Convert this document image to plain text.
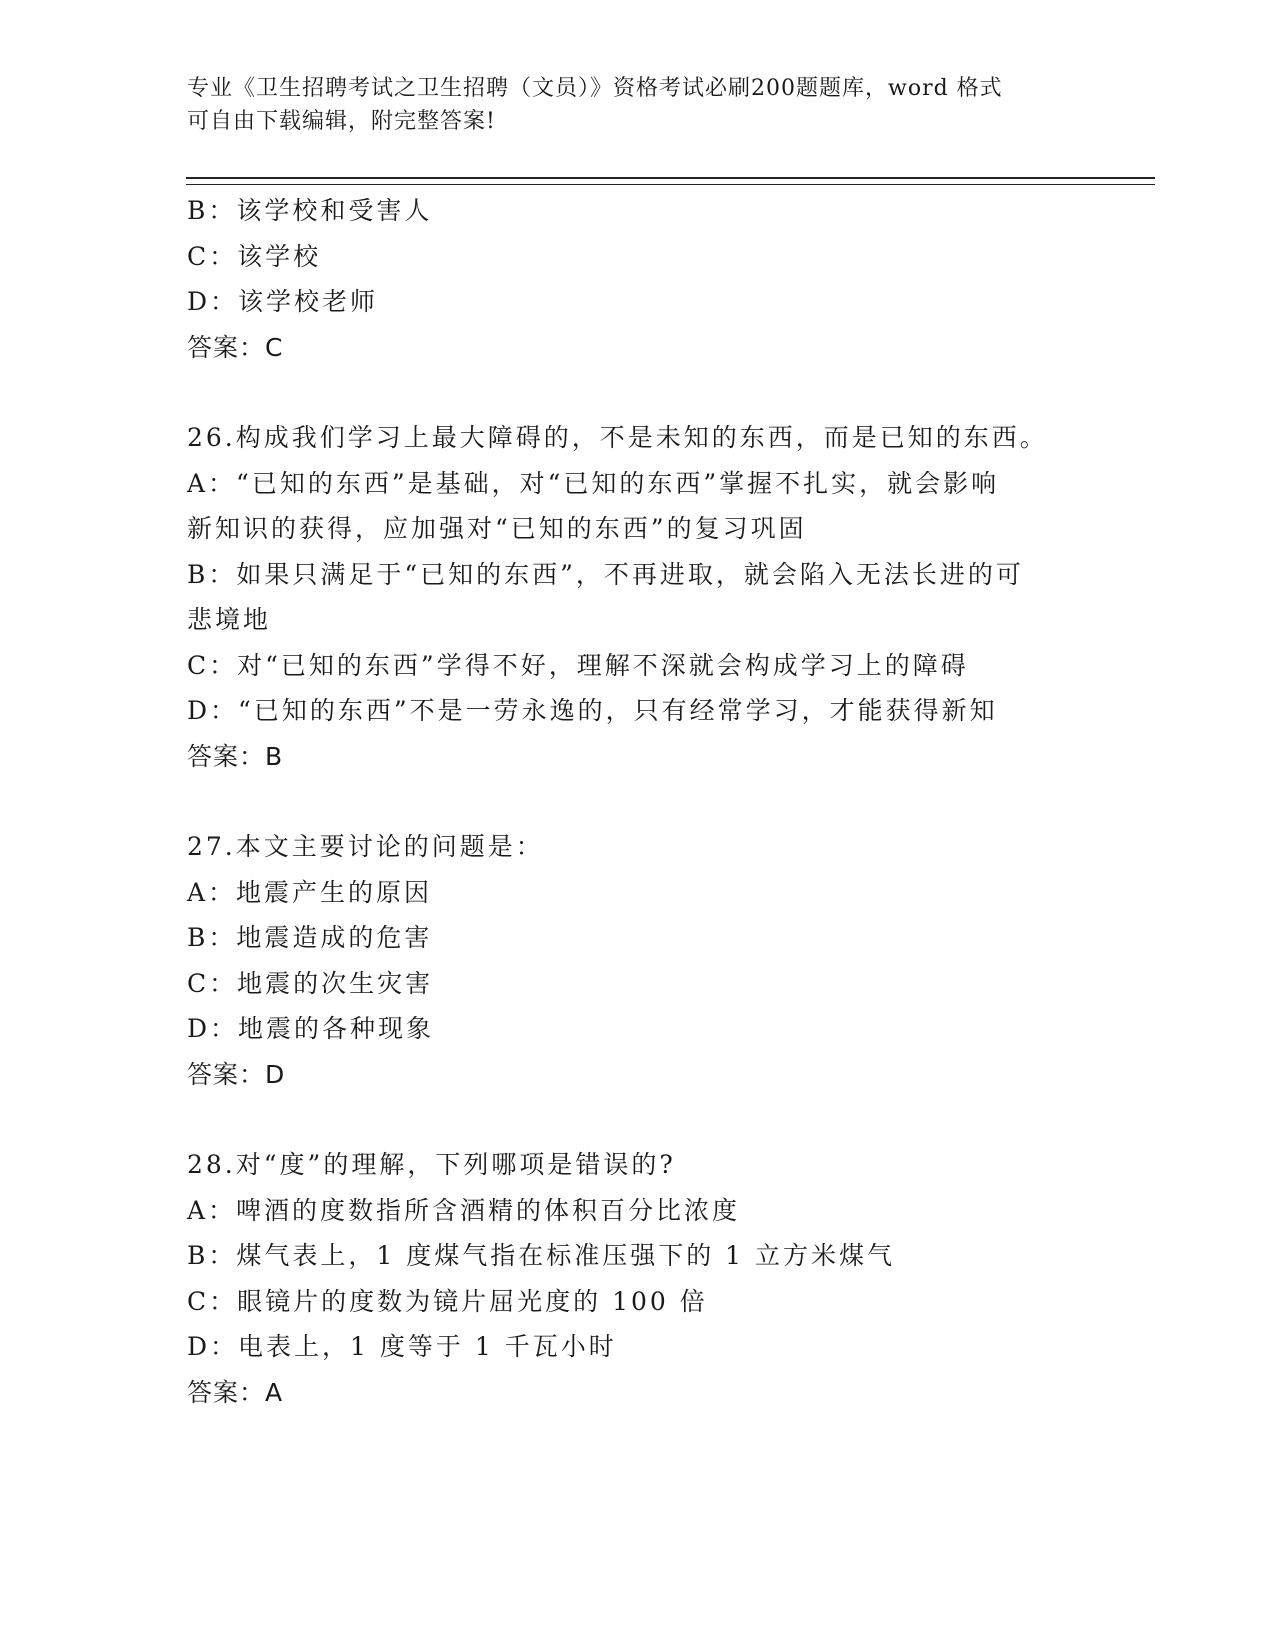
专业《卫生招聘考试之卫生招聘（文员）》资格考试必刷200题题库，word 格式
可自由下载编辑，附完整答案!
B：该学校和受害人
C：该学校
D：该学校老师
答案：C
26.构成我们学习上最大障碍的，不是未知的东西，而是已知的东西。
A：“已知的东西”是基础，对“已知的东西”掌握不扎实，就会影响
新知识的获得，应加强对“已知的东西”的复习巩固
B：如果只满足于“已知的东西”，不再进取，就会陷入无法长进的可
悲境地
C：对“已知的东西”学得不好，理解不深就会构成学习上的障碍
D：“已知的东西”不是一劳永逸的，只有经常学习，才能获得新知
答案：B
27.本文主要讨论的问题是：
A：地震产生的原因
B：地震造成的危害
C：地震的次生灾害
D：地震的各种现象
答案：D
28.对“度”的理解，下列哪项是错误的?
A：啤酒的度数指所含酒精的体积百分比浓度
B：煤气表上，1 度煤气指在标准压强下的 1 立方米煤气
C：眼镜片的度数为镜片屈光度的 100 倍
D：电表上，1 度等于 1 千瓦小时
答案：A
